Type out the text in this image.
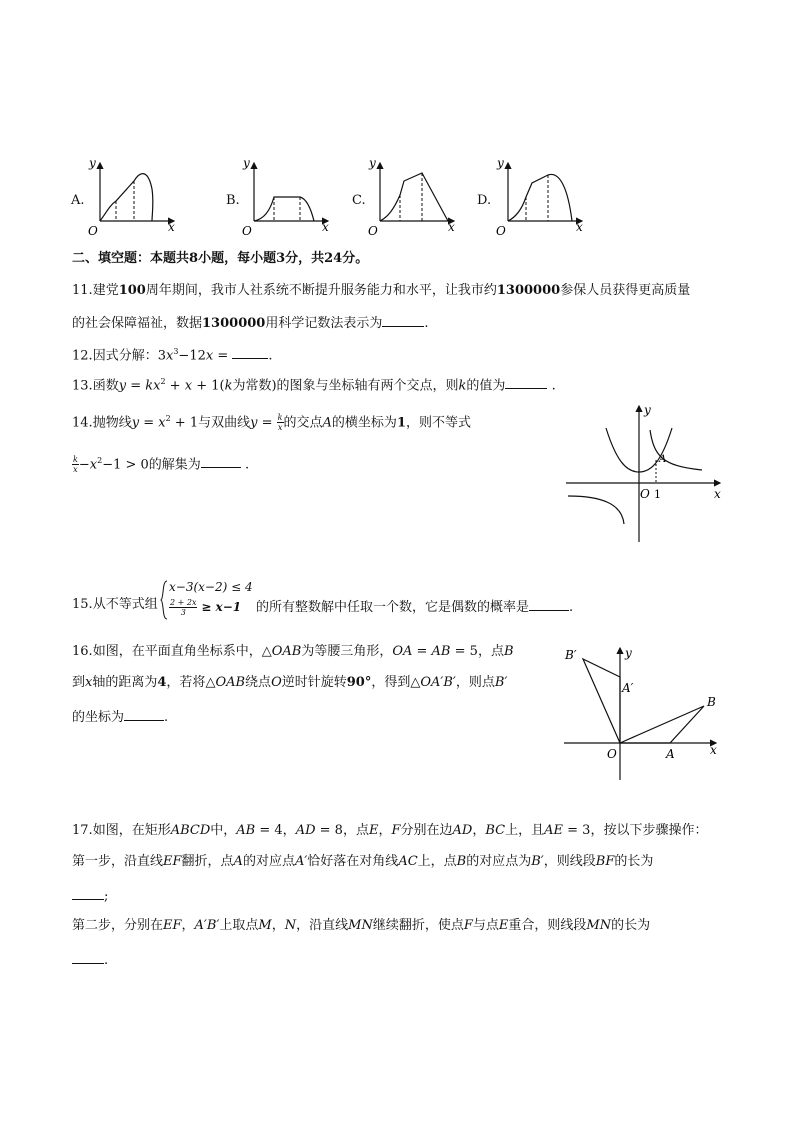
A.
y
x
O
B.
y
x
O
C.
y
x
O
D.
y
x
O
二、填空题：本题共8小题，每小题3分，共24分。
11.建党100周年期间，我市人社系统不断提升服务能力和水平，让我市约1300000参保人员获得更高质量
的社会保障福祉，数据1300000用科学记数法表示为	.
12.因式分解：$3x^3-12x$ =	.
13.函数$y = kx^2 + x + 1(k$为常数)的图象与坐标轴有两个交点，则k的值为	.
14.抛物线$y = x^2 + 1$与双曲线$y = \frac{k}{x}$ 的交点A的横坐标为1，则不等式
$\frac{k}{x} -x^2-1 > 0$的解集为	.
y
x
O
A
1
15.从不等式组
x−3(x−2) ≤ 4
$\frac{2 + 2x}{3} \ge x-1$ 的所有整数解中任取一个数，它是偶数的概率是	.
16.如图，在平面直角坐标系中，△OAB为等腰三角形，OA = AB = 5，点B
到x轴的距离为4，若将△OAB绕点O逆时针旋转90°，得到△OA′B′，则点B′
的坐标为	.
B′	y
A′
B
O	A	x
17.如图，在矩形ABCD中，AB = 4，AD = 8，点E，F分别在边AD，BC上，且AE = 3，按以下步骤操作：
第一步，沿直线EF翻折，点A的对应点A′恰好落在对角线AC上，点B的对应点为B′，则线段BF的长为
;
第二步，分别在EF，A′B′上取点M，N，沿直线MN继续翻折，使点F与点E重合，则线段MN的长为
.
